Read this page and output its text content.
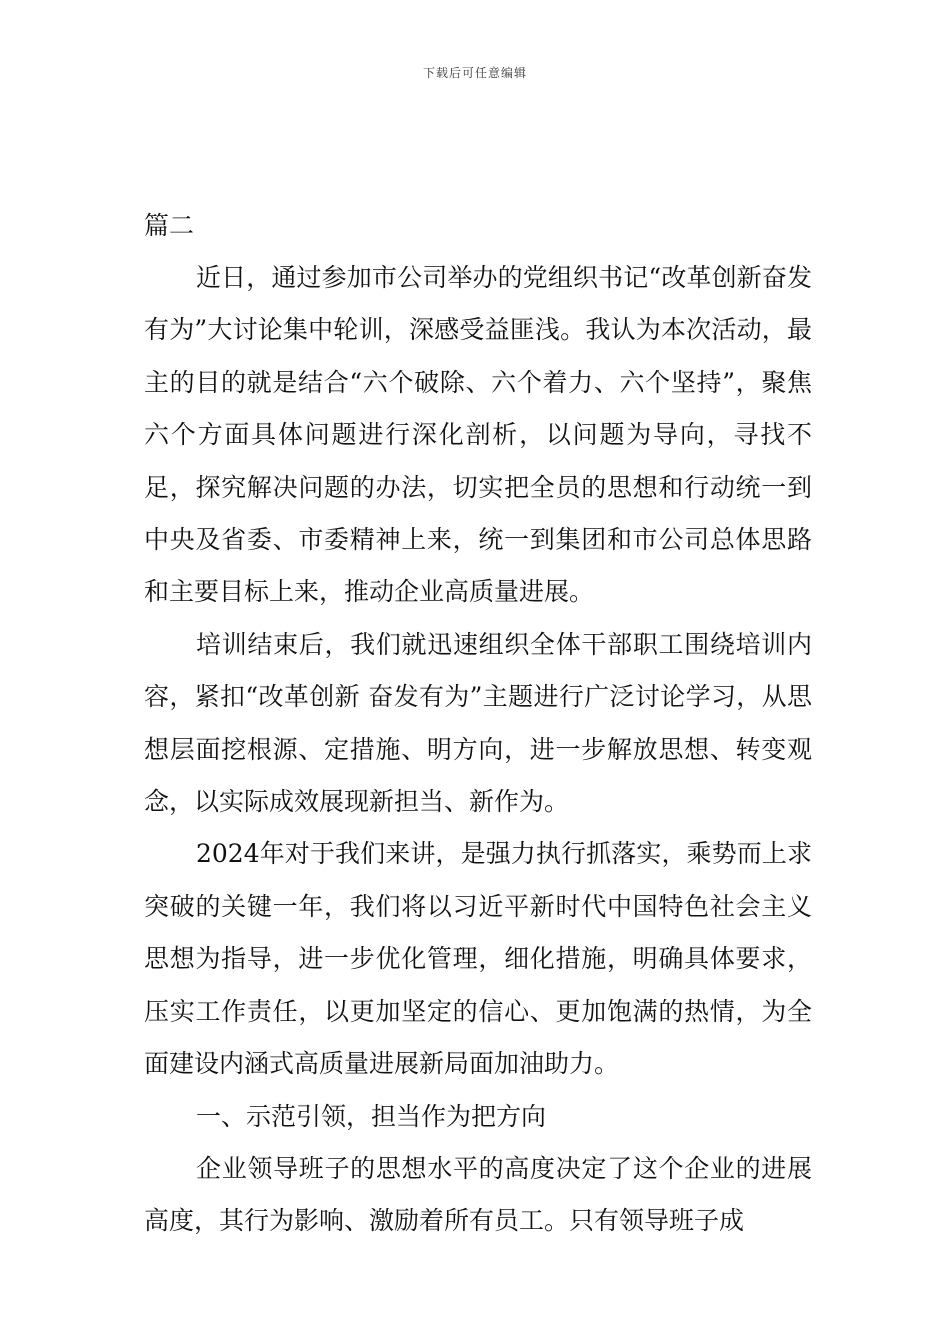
下载后可任意编辑
篇二

近日，通过参加市公司举办的党组织书记“改革创新奋发有为”大讨论集中轮训，深感受益匪浅。我认为本次活动，最主的目的就是结合“六个破除、六个着力、六个坚持”，聚焦六个方面具体问题进行深化剖析，以问题为导向，寻找不足，探究解决问题的办法，切实把全员的思想和行动统一到中央及省委、市委精神上来，统一到集团和市公司总体思路和主要目标上来，推动企业高质量进展。

培训结束后，我们就迅速组织全体干部职工围绕培训内容，紧扣“改革创新 奋发有为”主题进行广泛讨论学习，从思想层面挖根源、定措施、明方向，进一步解放思想、转变观念，以实际成效展现新担当、新作为。

2024年对于我们来讲，是强力执行抓落实，乘势而上求突破的关键一年，我们将以习近平新时代中国特色社会主义思想为指导，进一步优化管理，细化措施，明确具体要求，压实工作责任，以更加坚定的信心、更加饱满的热情，为全面建设内涵式高质量进展新局面加油助力。

一、示范引领，担当作为把方向

企业领导班子的思想水平的高度决定了这个企业的进展高度，其行为影响、激励着所有员工。只有领导班子成
